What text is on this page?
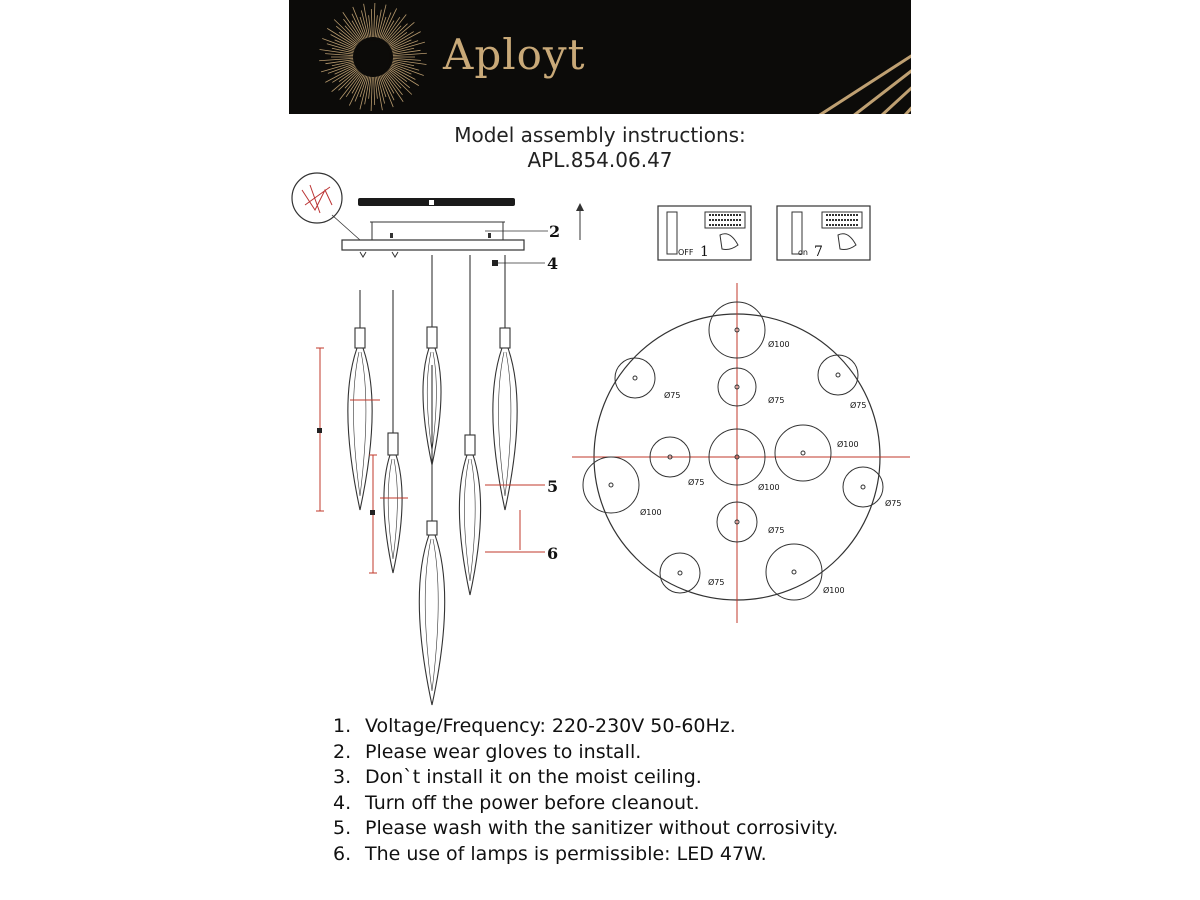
Aployt
Model assembly instructions:
APL.854.06.47
2
4
5
6
OFF 1	on 7
Ø100
Ø75
Ø75
Ø75
Ø75
Ø100
Ø100
Ø100
Ø75
Ø75
Ø75
Ø100
1. Voltage/Frequency: 220-230V 50-60Hz.
2. Please wear gloves to install.
3. Don`t install it on the moist ceiling.
4. Turn off the power before cleanout.
5. Please wash with the sanitizer without corrosivity.
6. The use of lamps is permissible: LED 47W.
